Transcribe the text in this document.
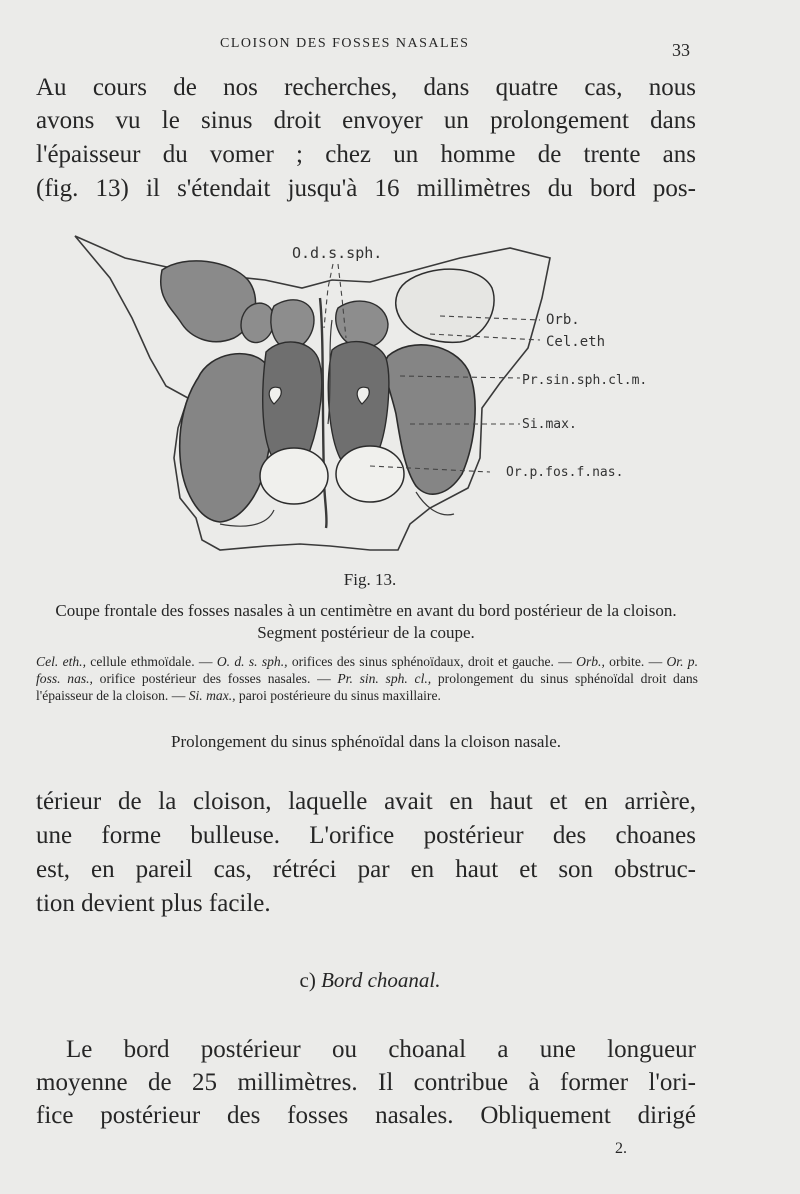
CLOISON DES FOSSES NASALES	33

Au cours de nos recherches, dans quatre cas, nous

avons vu le sinus droit envoyer un prolongement dans

l'épaisseur du vomer ; chez un homme de trente ans

(fig. 13) il s'étendait jusqu'à 16 millimètres du bord pos-

O.d.s.sph.
Orb.
Cel.eth
Pr.sin.sph.cl.m.
Si.max.
Or.p.fos.f.nas.
Fig. 13.

Coupe frontale des fosses nasales à un centimètre en avant du bord postérieur de la cloison. Segment postérieur de la coupe.

Cel. eth., cellule ethmoïdale. — O. d. s. sph., orifices des sinus sphénoïdaux, droit et gauche. — Orb., orbite. — Or. p. foss. nas., orifice postérieur des fosses nasales. — Pr. sin. sph. cl., prolongement du sinus sphénoïdal droit dans l'épaisseur de la cloison. — Si. max., paroi postérieure du sinus maxillaire.

Prolongement du sinus sphénoïdal dans la cloison nasale.

térieur de la cloison, laquelle avait en haut et en arrière,

une forme bulleuse. L'orifice postérieur des choanes

est, en pareil cas, rétréci par en haut et son obstruc-

tion devient plus facile.

c) Bord choanal.

Le bord postérieur ou choanal a une longueur

moyenne de 25 millimètres. Il contribue à former l'ori-

fice postérieur des fosses nasales. Obliquement dirigé

2.
